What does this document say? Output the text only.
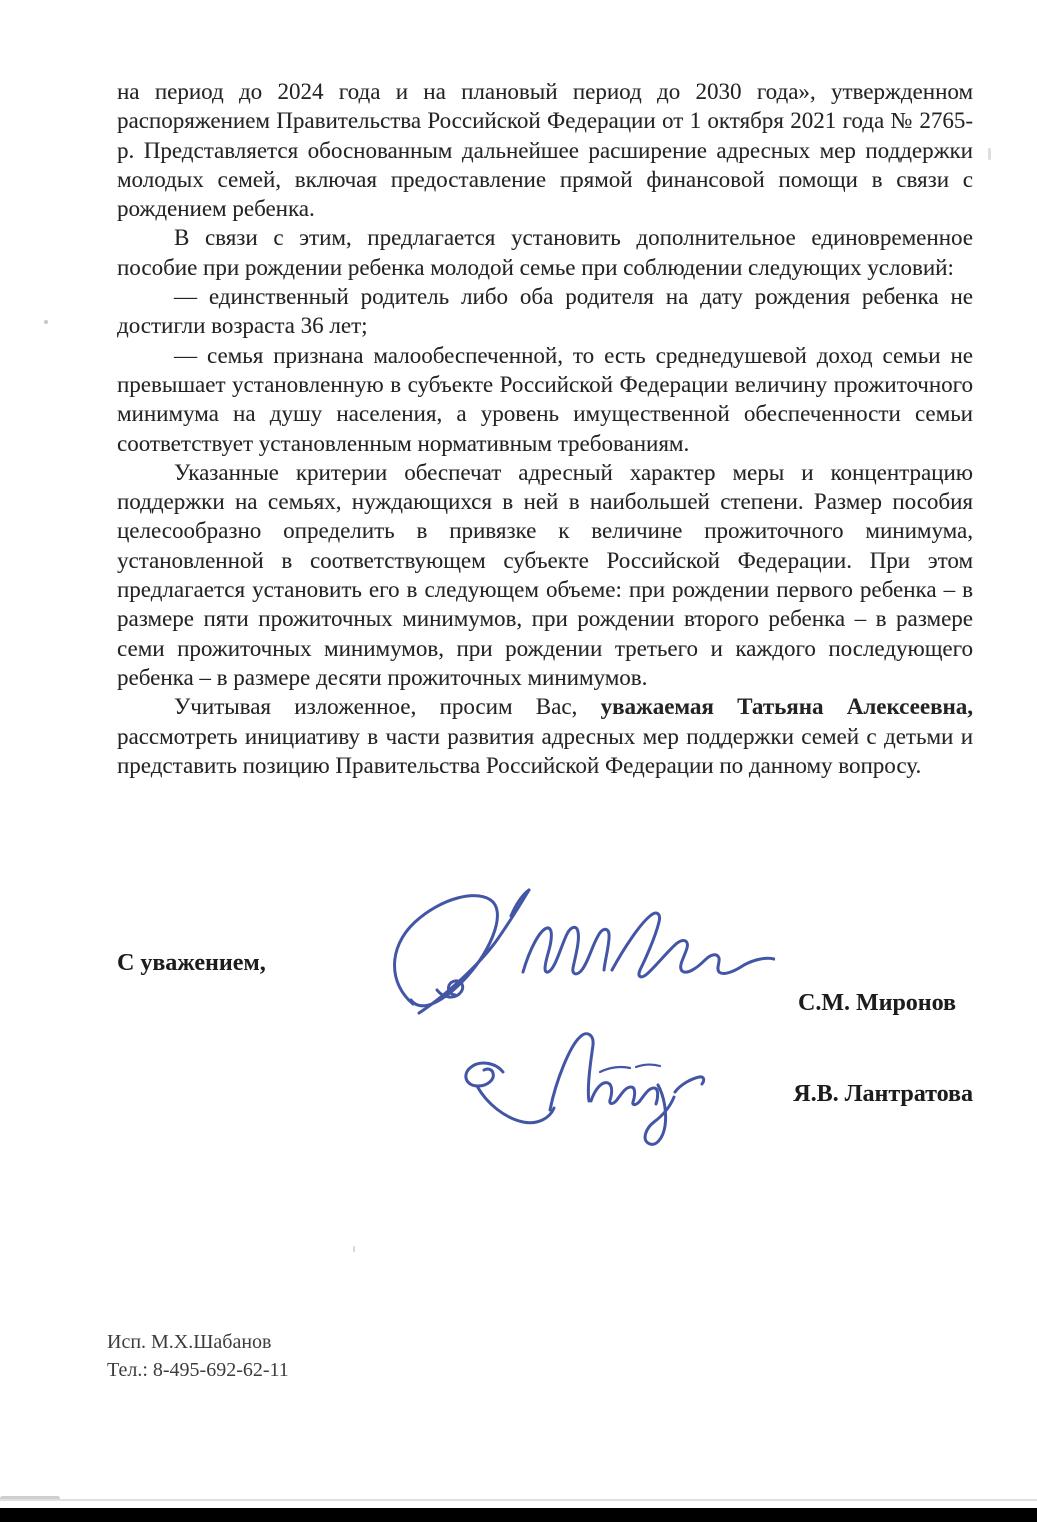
на период до 2024 года и на плановый период до 2030 года», утвержденном распоряжением Правительства Российской Федерации от 1 октября 2021 года № 2765-р. Представляется обоснованным дальнейшее расширение адресных мер поддержки молодых семей, включая предоставление прямой финансовой помощи в связи с рождением ребенка.

В связи с этим, предлагается установить дополнительное единовременное пособие при рождении ребенка молодой семье при соблюдении следующих условий:

— единственный родитель либо оба родителя на дату рождения ребенка не достигли возраста 36 лет;

— семья признана малообеспеченной, то есть среднедушевой доход семьи не превышает установленную в субъекте Российской Федерации величину прожиточного минимума на душу населения, а уровень имущественной обеспеченности семьи соответствует установленным нормативным требованиям.

Указанные критерии обеспечат адресный характер меры и концентрацию поддержки на семьях, нуждающихся в ней в наибольшей степени. Размер пособия целесообразно определить в привязке к величине прожиточного минимума, установленной в соответствующем субъекте Российской Федерации. При этом предлагается установить его в следующем объеме: при рождении первого ребенка – в размере пяти прожиточных минимумов, при рождении второго ребенка – в размере семи прожиточных минимумов, при рождении третьего и каждого последующего ребенка – в размере десяти прожиточных минимумов.

Учитывая изложенное, просим Вас, уважаемая Татьяна Алексеевна, рассмотреть инициативу в части развития адресных мер поддержки семей с детьми и представить позицию Правительства Российской Федерации по данному вопросу.

С уважением,
С.М. Миронов
Я.В. Лантратова
Исп. М.Х.Шабанов
Тел.: 8-495-692-62-11
